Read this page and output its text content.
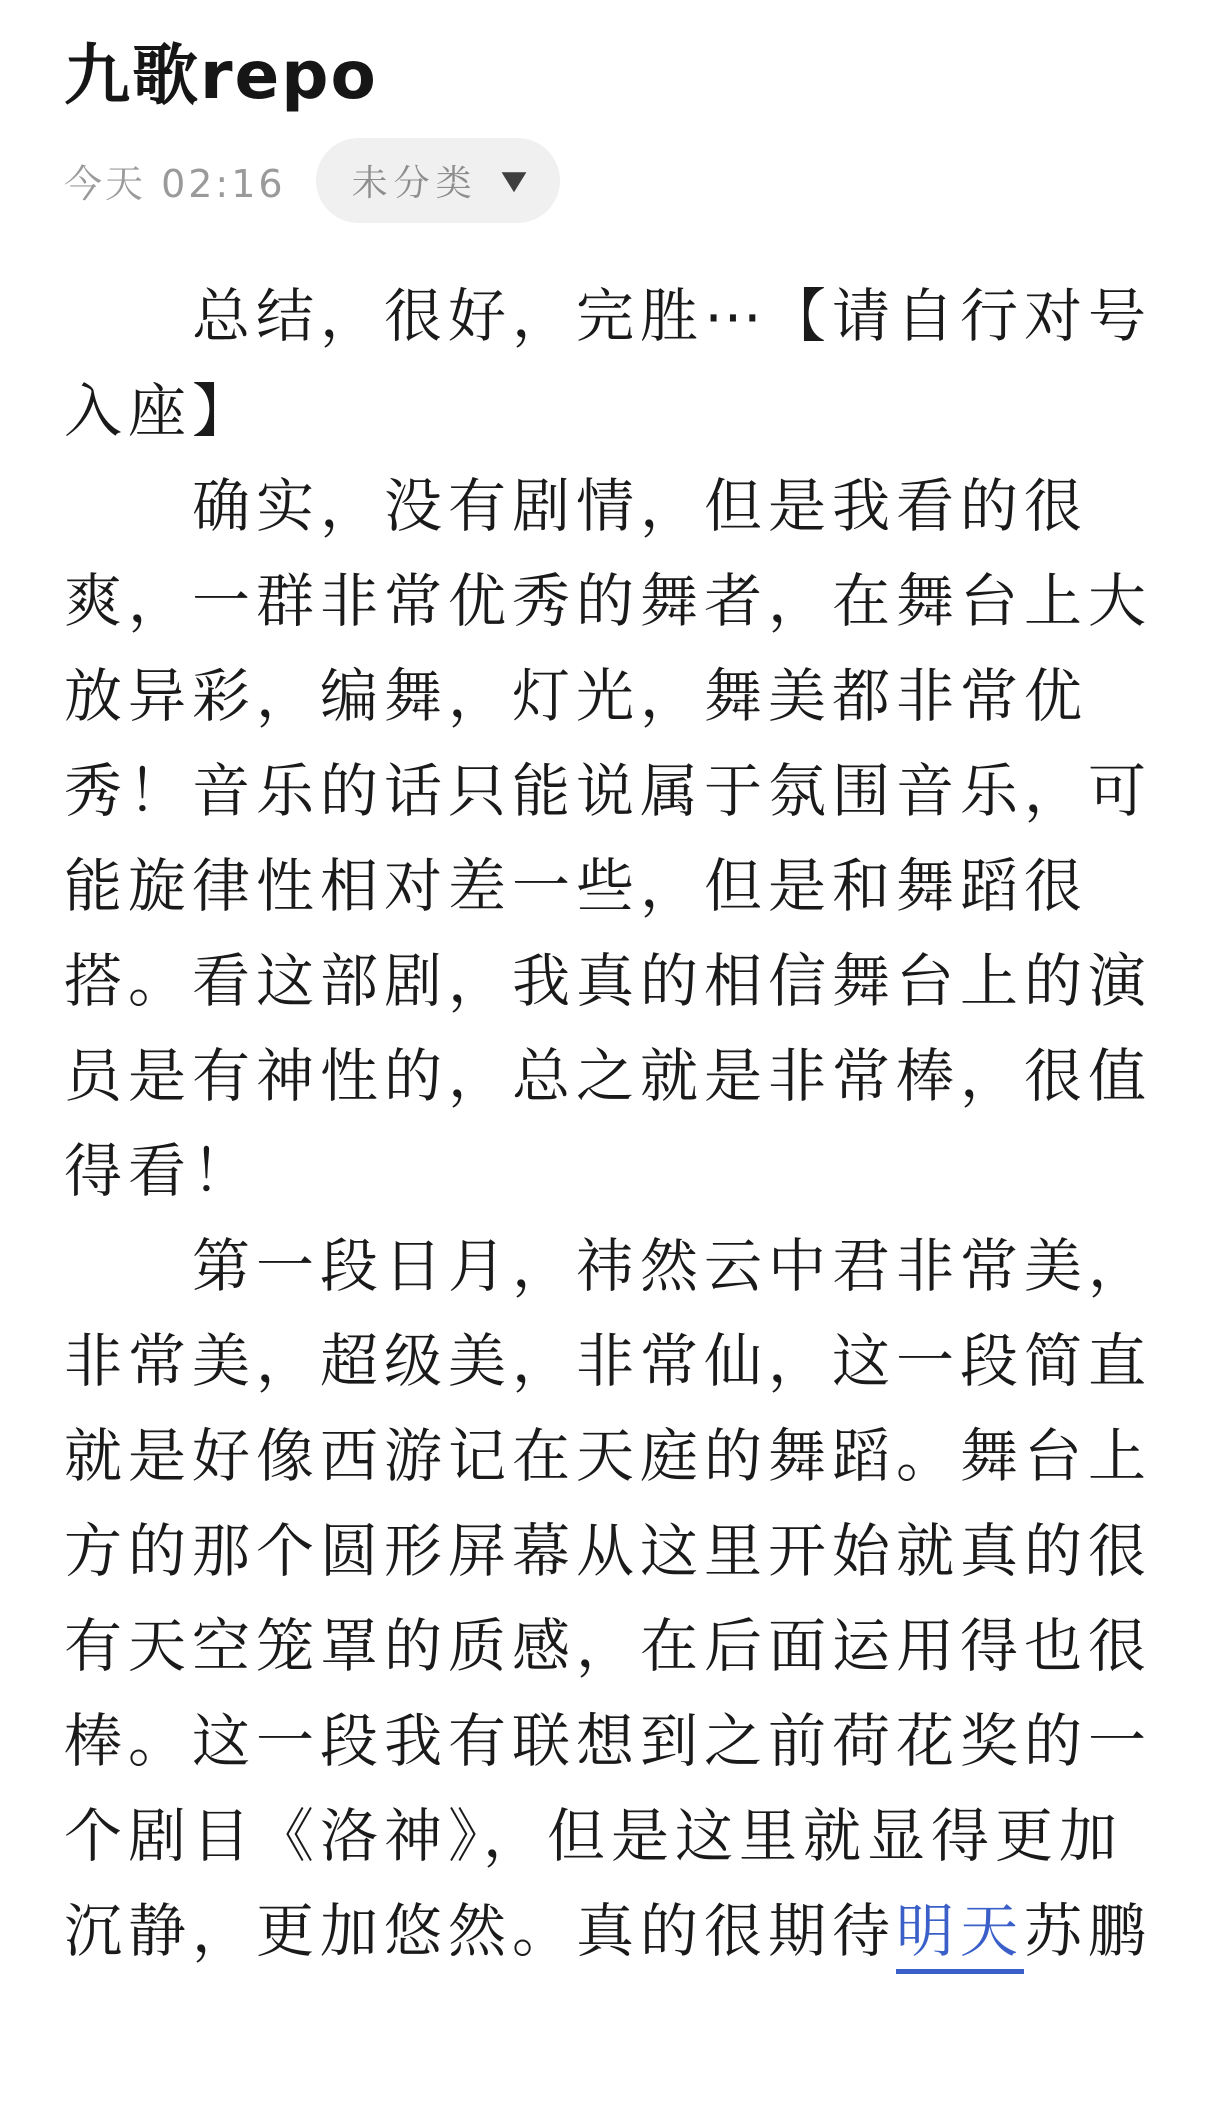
九歌repo
今天 02:16 未分类 ▼
总结，很好，完胜⋯【请自行对号
入座】
确实，没有剧情，但是我看的很
爽，一群非常优秀的舞者，在舞台上大
放异彩，编舞，灯光，舞美都非常优
秀！音乐的话只能说属于氛围音乐，可
能旋律性相对差一些，但是和舞蹈很
搭。看这部剧，我真的相信舞台上的演
员是有神性的，总之就是非常棒，很值
得看！
第一段日月，祎然云中君非常美，
非常美，超级美，非常仙，这一段简直
就是好像西游记在天庭的舞蹈。舞台上
方的那个圆形屏幕从这里开始就真的很
有天空笼罩的质感，在后面运用得也很
棒。这一段我有联想到之前荷花奖的一
个剧目《洛神》，但是这里就显得更加
沉静，更加悠然。真的很期待明天苏鹏
